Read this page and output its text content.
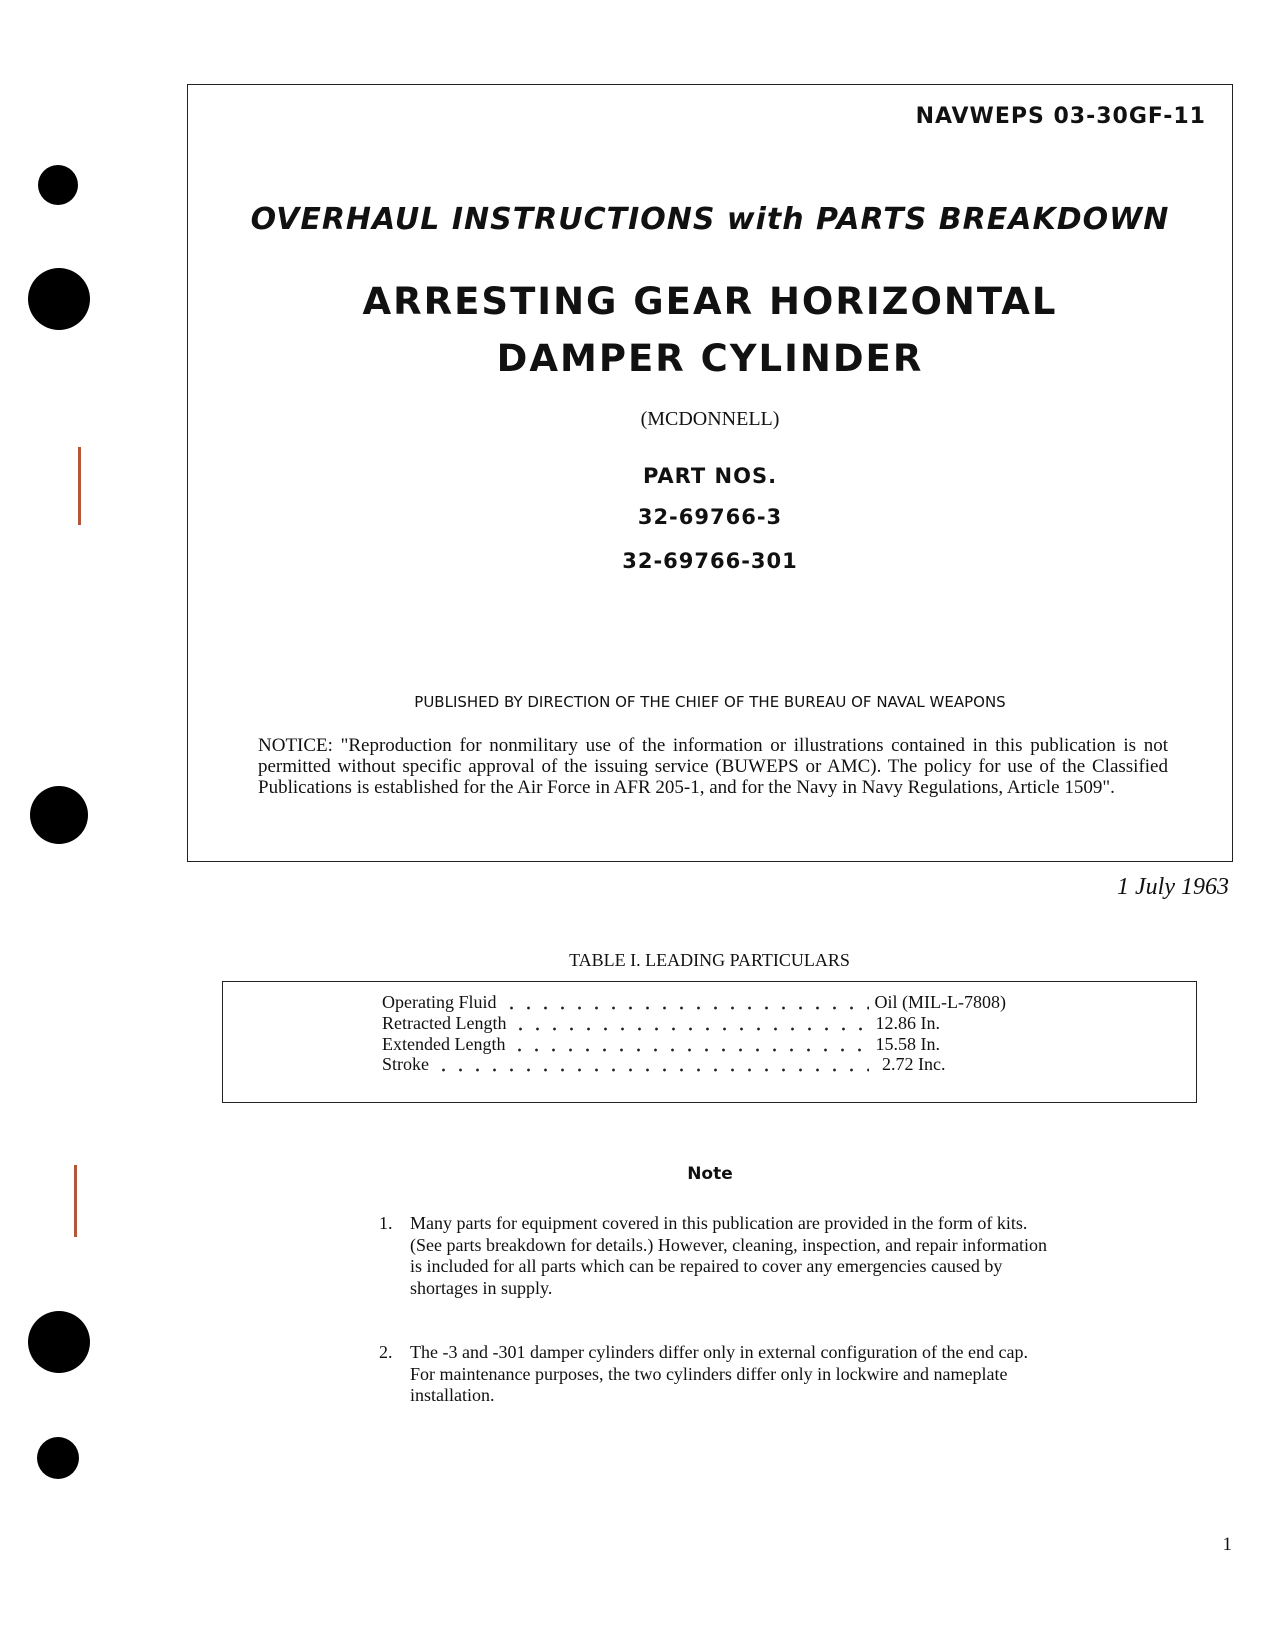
NAVWEPS 03-30GF-11
OVERHAUL INSTRUCTIONS with PARTS BREAKDOWN
ARRESTING GEAR HORIZONTAL
DAMPER CYLINDER
(MCDONNELL)
PART NOS.
32-69766-3
32-69766-301
PUBLISHED BY DIRECTION OF THE CHIEF OF THE BUREAU OF NAVAL WEAPONS
NOTICE: "Reproduction for nonmilitary use of the information or illustrations contained in this publication is not permitted without specific approval of the issuing service (BUWEPS or AMC). The policy for use of the Classified Publications is established for the Air Force in AFR 205-1, and for the Navy in Navy Regulations, Article 1509".
1 July 1963
TABLE I. LEADING PARTICULARS
Operating Fluid	Oil (MIL-L-7808)
Retracted Length	12.86 In.
Extended Length	15.58 In.
Stroke	2.72 Inc.
Note
1. Many parts for equipment covered in this publication are provided in the form of kits. (See parts breakdown for details.) However, cleaning, inspection, and repair information is included for all parts which can be repaired to cover any emergencies caused by shortages in supply.
2. The -3 and -301 damper cylinders differ only in external configuration of the end cap. For maintenance purposes, the two cylinders differ only in lockwire and nameplate installation.
1
